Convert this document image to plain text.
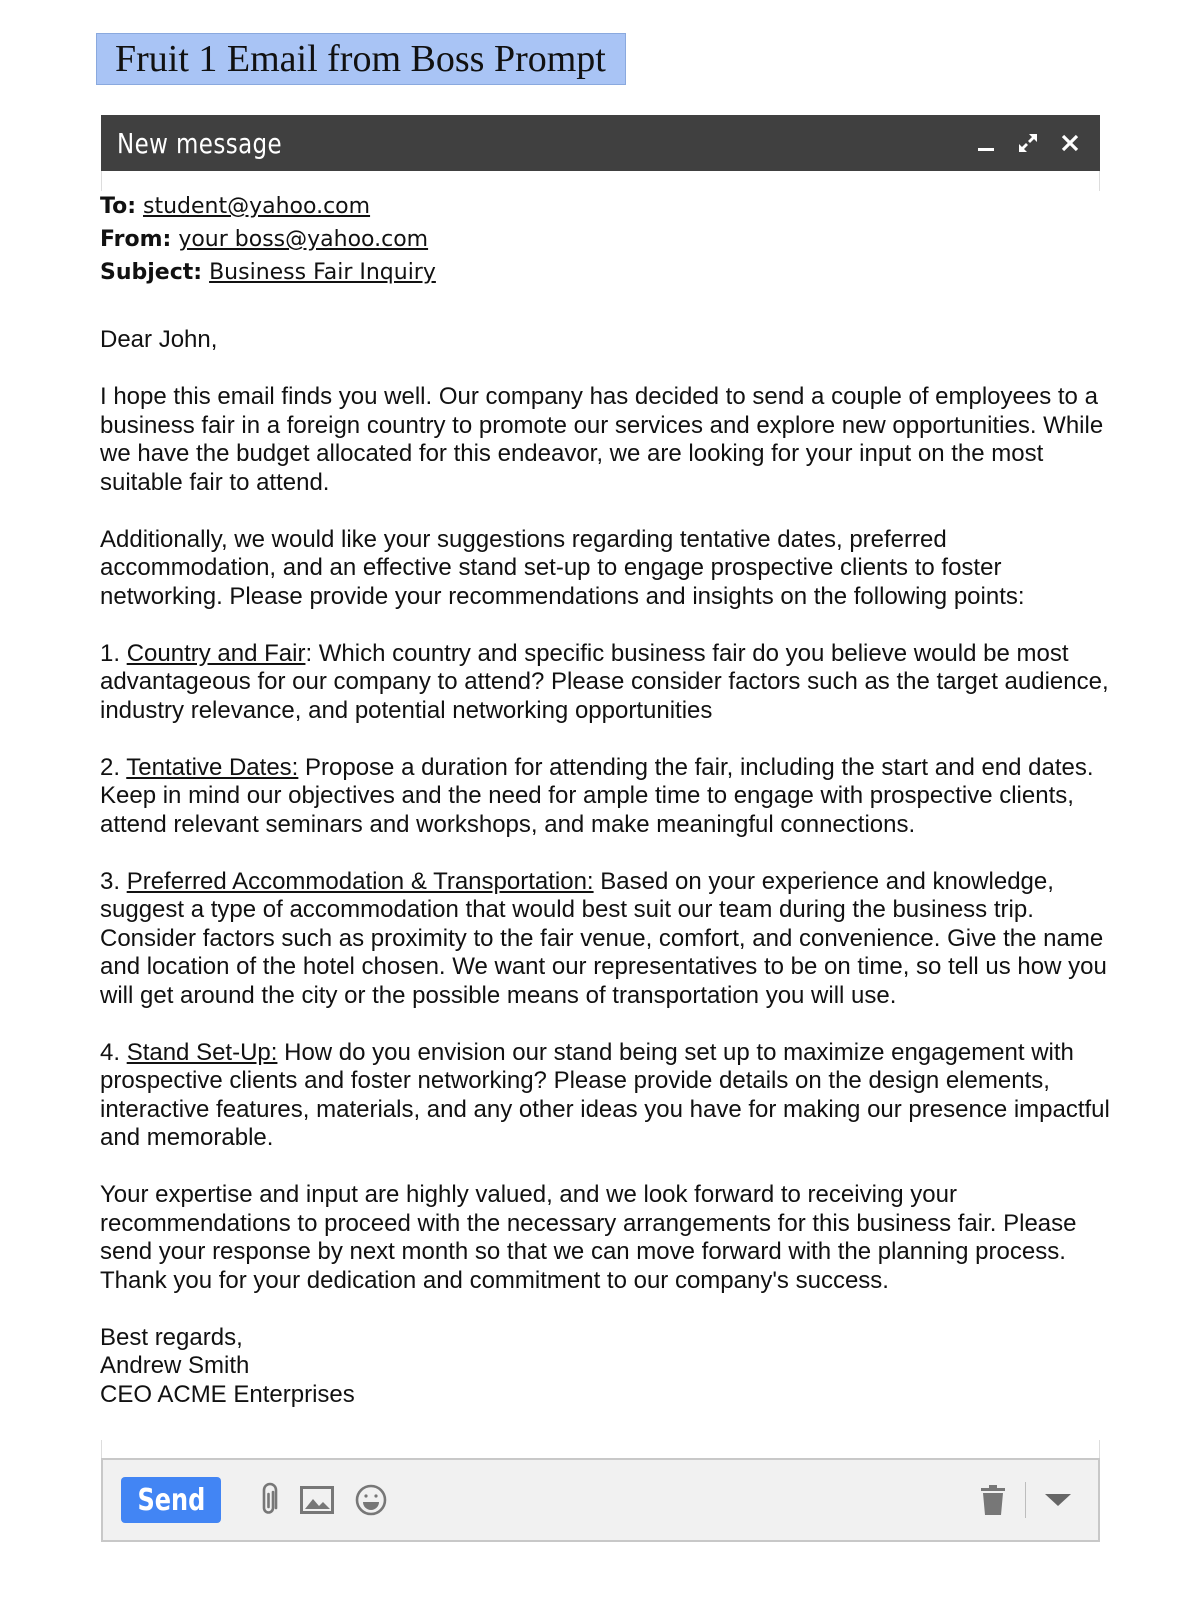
Fruit 1 Email from Boss Prompt
New message
To: student@yahoo.com
From: your boss@yahoo.com
Subject: Business Fair Inquiry

Dear John,

I hope this email finds you well. Our company has decided to send a couple of employees to a business fair in a foreign country to promote our services and explore new opportunities. While we have the budget allocated for this endeavor, we are looking for your input on the most suitable fair to attend.

Additionally, we would like your suggestions regarding tentative dates, preferred accommodation, and an effective stand set-up to engage prospective clients to foster networking. Please provide your recommendations and insights on the following points:

1. Country and Fair: Which country and specific business fair do you believe would be most advantageous for our company to attend? Please consider factors such as the target audience, industry relevance, and potential networking opportunities

2. Tentative Dates: Propose a duration for attending the fair, including the start and end dates. Keep in mind our objectives and the need for ample time to engage with prospective clients, attend relevant seminars and workshops, and make meaningful connections.

3. Preferred Accommodation & Transportation: Based on your experience and knowledge, suggest a type of accommodation that would best suit our team during the business trip. Consider factors such as proximity to the fair venue, comfort, and convenience. Give the name and location of the hotel chosen. We want our representatives to be on time, so tell us how you will get around the city or the possible means of transportation you will use.

4. Stand Set-Up: How do you envision our stand being set up to maximize engagement with prospective clients and foster networking? Please provide details on the design elements, interactive features, materials, and any other ideas you have for making our presence impactful and memorable.

Your expertise and input are highly valued, and we look forward to receiving your recommendations to proceed with the necessary arrangements for this business fair. Please send your response by next month so that we can move forward with the planning process. Thank you for your dedication and commitment to our company's success.

Best regards,

Andrew Smith

CEO ACME Enterprises

Send
